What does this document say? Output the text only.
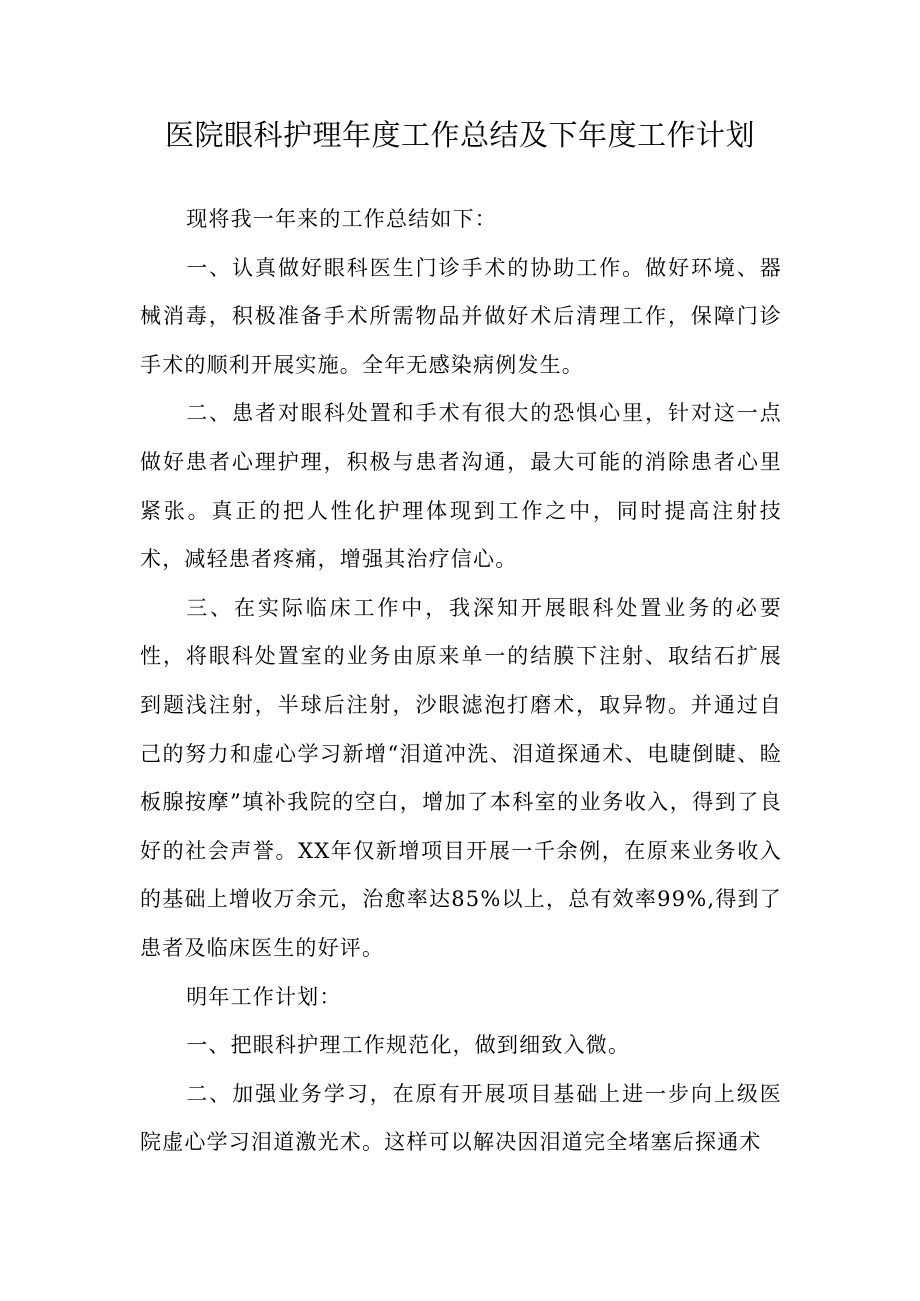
医院眼科护理年度工作总结及下年度工作计划

现将我一年来的工作总结如下：

一、认真做好眼科医生门诊手术的协助工作。做好环境、器械消毒，积极准备手术所需物品并做好术后清理工作，保障门诊手术的顺利开展实施。全年无感染病例发生。

二、患者对眼科处置和手术有很大的恐惧心里，针对这一点做好患者心理护理，积极与患者沟通，最大可能的消除患者心里紧张。真正的把人性化护理体现到工作之中，同时提高注射技术，减轻患者疼痛，增强其治疗信心。

三、在实际临床工作中，我深知开展眼科处置业务的必要性，将眼科处置室的业务由原来单一的结膜下注射、取结石扩展到题浅注射，半球后注射，沙眼滤泡打磨术，取异物。并通过自己的努力和虚心学习新增“泪道冲洗、泪道探通术、电睫倒睫、睑板腺按摩”填补我院的空白，增加了本科室的业务收入，得到了良好的社会声誉。XX年仅新增项目开展一千余例，在原来业务收入的基础上增收万余元，治愈率达85%以上，总有效率99%,得到了患者及临床医生的好评。

明年工作计划：

一、把眼科护理工作规范化，做到细致入微。

二、加强业务学习，在原有开展项目基础上进一步向上级医院虚心学习泪道激光术。这样可以解决因泪道完全堵塞后探通术
